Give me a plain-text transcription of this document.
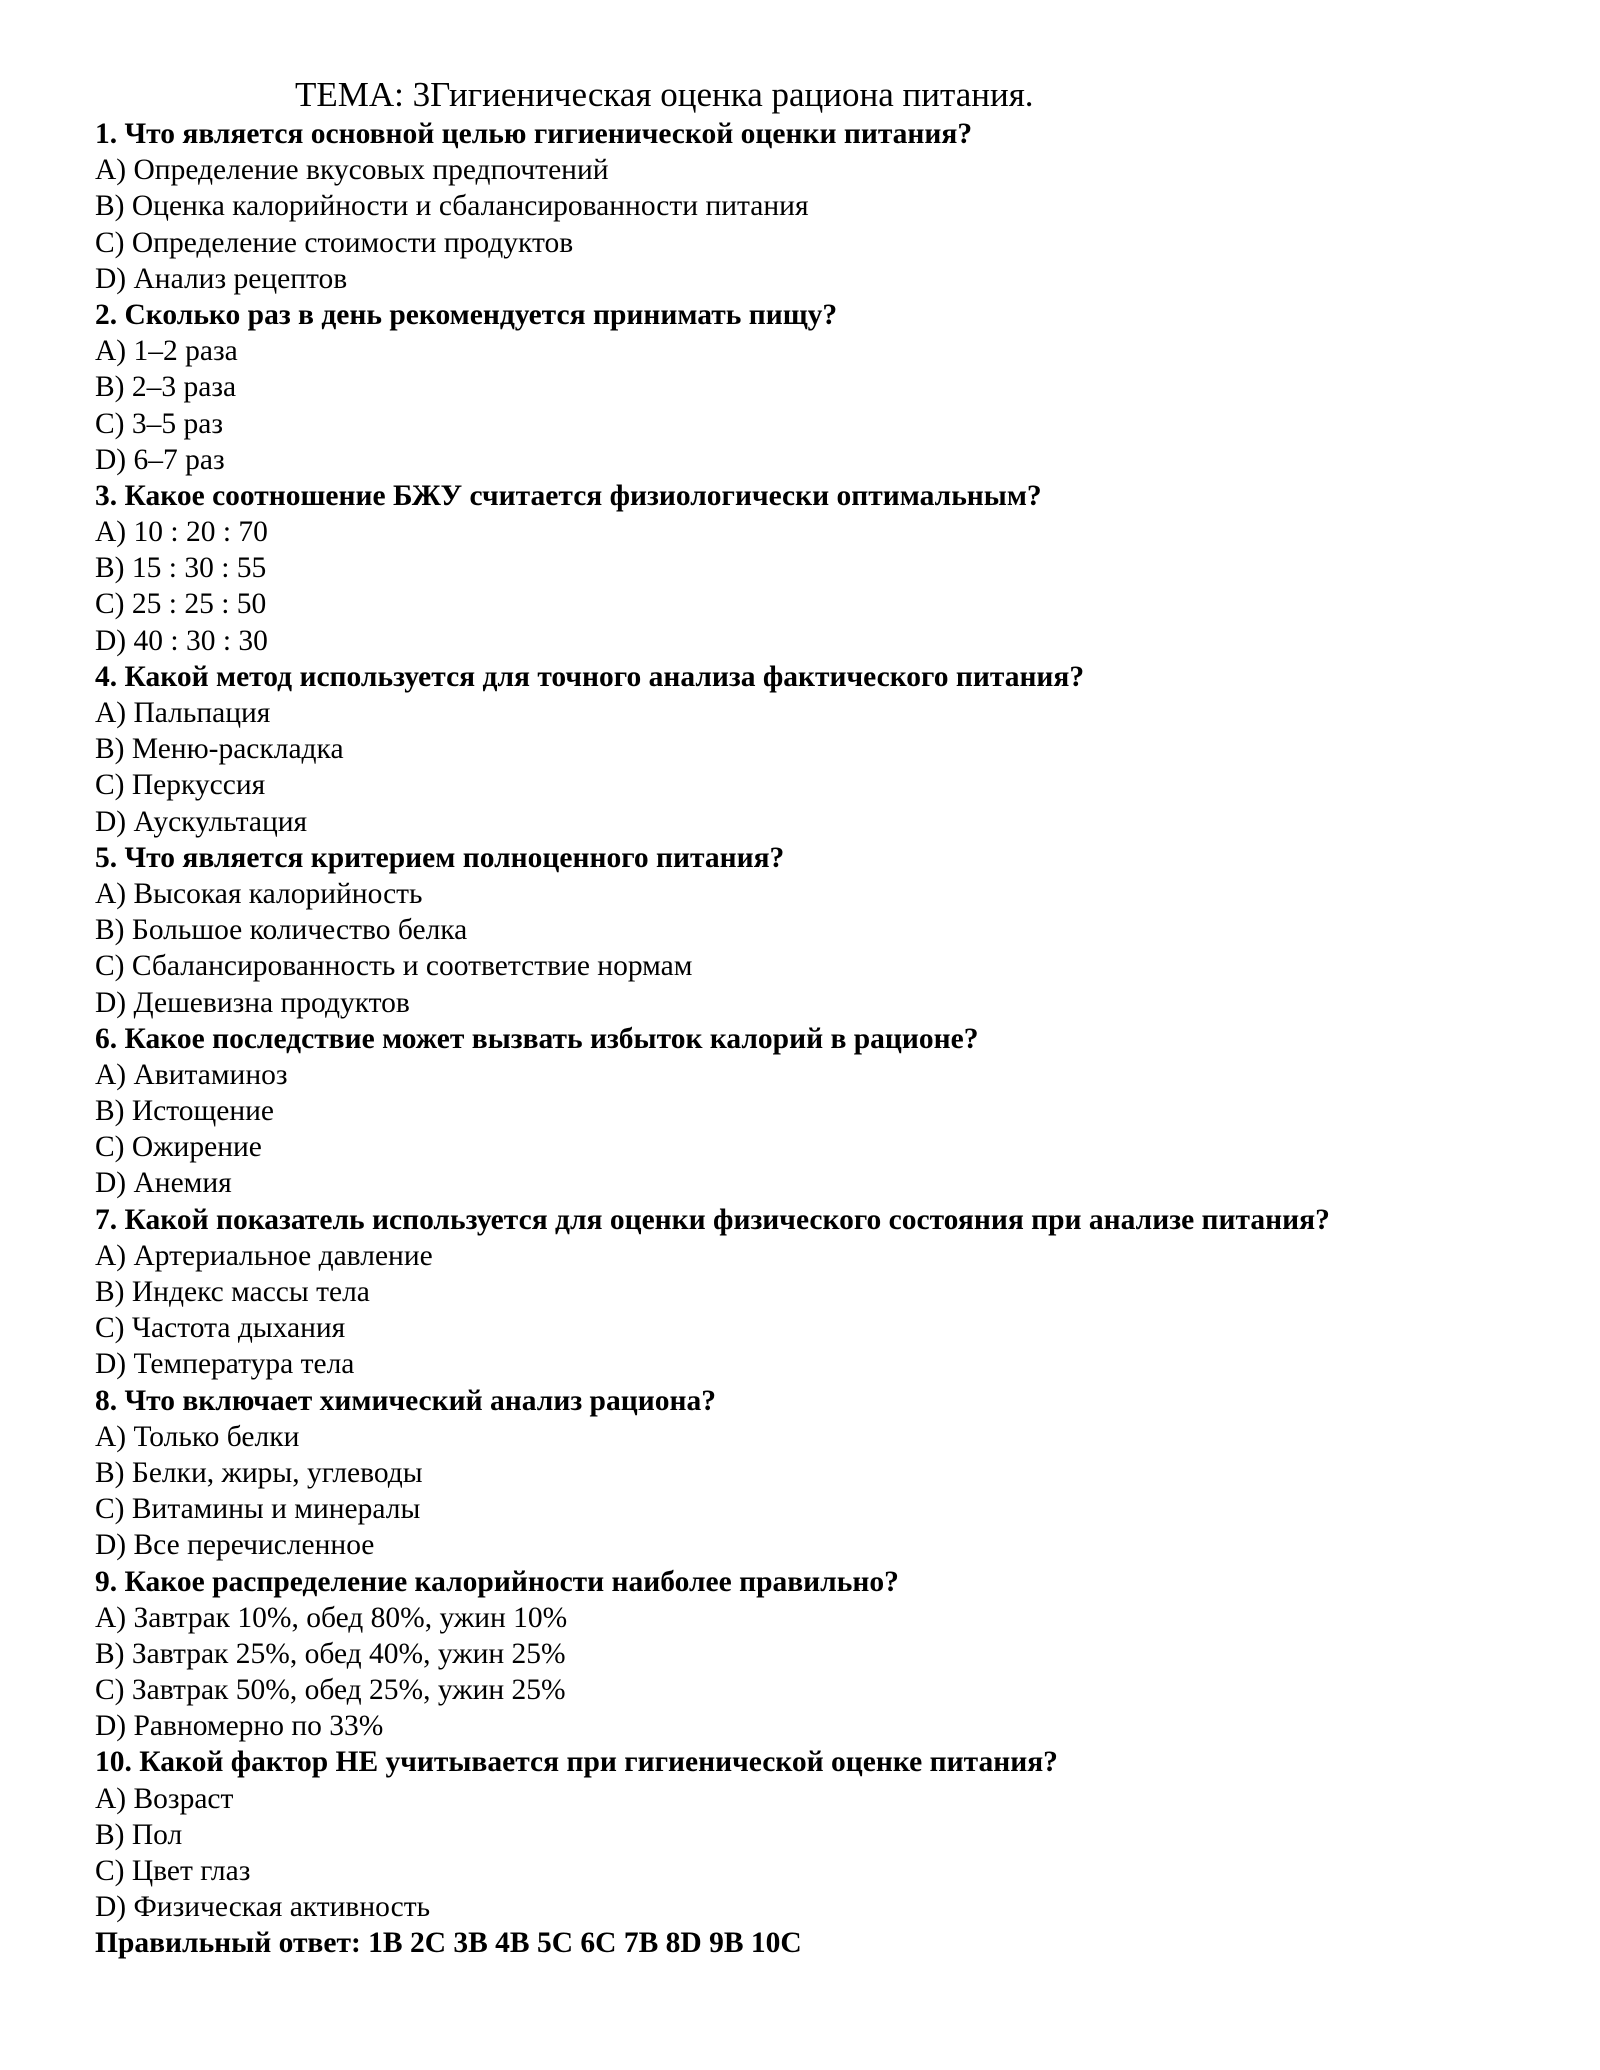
ТЕМА: 3Гигиеническая оценка рациона питания.
1. Что является основной целью гигиенической оценки питания?
A) Определение вкусовых предпочтений
B) Оценка калорийности и сбалансированности питания
C) Определение стоимости продуктов
D) Анализ рецептов
2. Сколько раз в день рекомендуется принимать пищу?
A) 1–2 раза
B) 2–3 раза
C) 3–5 раз
D) 6–7 раз
3. Какое соотношение БЖУ считается физиологически оптимальным?
A) 10 : 20 : 70
B) 15 : 30 : 55
C) 25 : 25 : 50
D) 40 : 30 : 30
4. Какой метод используется для точного анализа фактического питания?
A) Пальпация
B) Меню-раскладка
C) Перкуссия
D) Аускультация
5. Что является критерием полноценного питания?
A) Высокая калорийность
B) Большое количество белка
C) Сбалансированность и соответствие нормам
D) Дешевизна продуктов
6. Какое последствие может вызвать избыток калорий в рационе?
A) Авитаминоз
B) Истощение
C) Ожирение
D) Анемия
7. Какой показатель используется для оценки физического состояния при анализе питания?
A) Артериальное давление
B) Индекс массы тела
C) Частота дыхания
D) Температура тела
8. Что включает химический анализ рациона?
A) Только белки
B) Белки, жиры, углеводы
C) Витамины и минералы
D) Все перечисленное
9. Какое распределение калорийности наиболее правильно?
A) Завтрак 10%, обед 80%, ужин 10%
B) Завтрак 25%, обед 40%, ужин 25%
C) Завтрак 50%, обед 25%, ужин 25%
D) Равномерно по 33%
10. Какой фактор НЕ учитывается при гигиенической оценке питания?
A) Возраст
B) Пол
C) Цвет глаз
D) Физическая активность
Правильный ответ: 1B 2C 3B 4B 5C 6C 7B 8D 9B 10C
